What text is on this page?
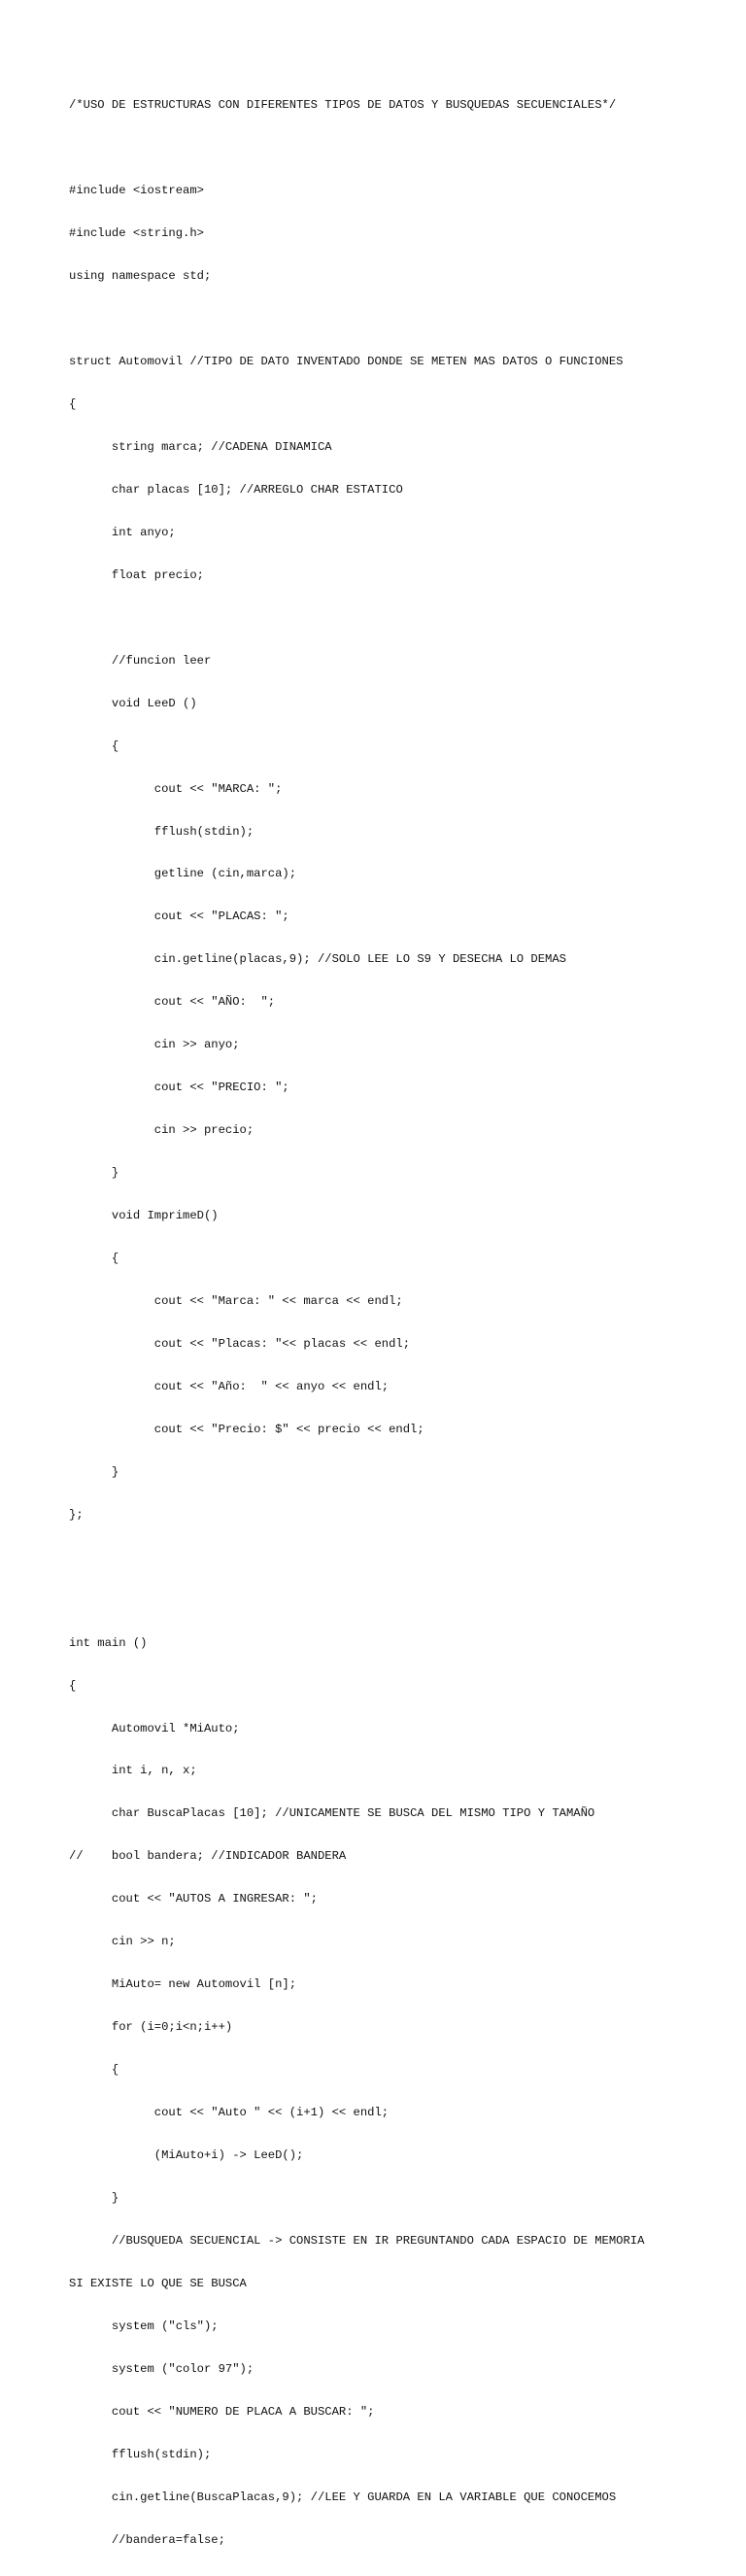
/*USO DE ESTRUCTURAS CON DIFERENTES TIPOS DE DATOS Y BUSQUEDAS SECUENCIALES*/

#include <iostream>

#include <string.h>

using namespace std;

struct Automovil //TIPO DE DATO INVENTADO DONDE SE METEN MAS DATOS O FUNCIONES

{

	string marca; //CADENA DINAMICA

	char placas [10]; //ARREGLO CHAR ESTATICO

	int anyo;

	float precio;

	//funcion leer

	void LeeD ()

	{

		cout << "MARCA: ";

		fflush(stdin);

		getline (cin,marca);

		cout << "PLACAS: ";

		cin.getline(placas,9); //SOLO LEE LO S9 Y DESECHA LO DEMAS

		cout << "AÑO:  ";

		cin >> anyo;

		cout << "PRECIO: ";

		cin >> precio;

	}

	void ImprimeD()

	{

		cout << "Marca: " << marca << endl;

		cout << "Placas: "<< placas << endl;

		cout << "Año:  " << anyo << endl;

		cout << "Precio: $" << precio << endl;

	}

};

int main ()

{

	Automovil *MiAuto;

	int i, n, x;

	char BuscaPlacas [10]; //UNICAMENTE SE BUSCA DEL MISMO TIPO Y TAMAÑO

//	bool bandera; //INDICADOR BANDERA

	cout << "AUTOS A INGRESAR: ";

	cin >> n;

	MiAuto= new Automovil [n];

	for (i=0;i<n;i++)

	{

		cout << "Auto " << (i+1) << endl;

		(MiAuto+i) -> LeeD();

	}

	//BUSQUEDA SECUENCIAL -> CONSISTE EN IR PREGUNTANDO CADA ESPACIO DE MEMORIA

SI EXISTE LO QUE SE BUSCA

	system ("cls");

	system ("color 97");

	cout << "NUMERO DE PLACA A BUSCAR: ";

	fflush(stdin);

	cin.getline(BuscaPlacas,9); //LEE Y GUARDA EN LA VARIABLE QUE CONOCEMOS

	//bandera=false;
